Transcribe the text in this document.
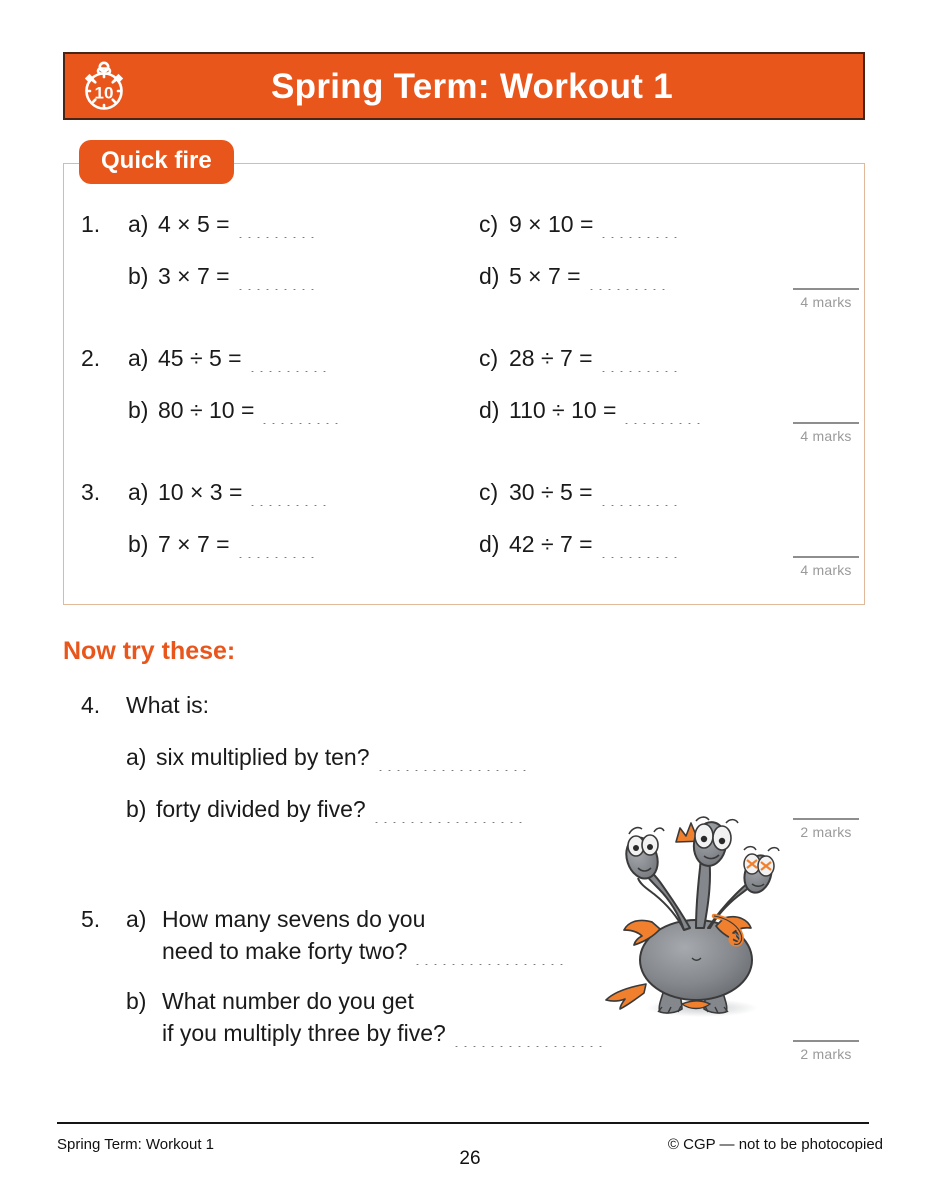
10	Spring Term: Workout 1
Quick fire
1. a) 4 × 5 =
b) 3 × 7 =
c) 9 × 10 =
d) 5 × 7 =
4 marks
2. a) 45 ÷ 5 =
b) 80 ÷ 10 =
c) 28 ÷ 7 =
d) 110 ÷ 10 =
4 marks
3. a) 10 × 3 =
b) 7 × 7 =
c) 30 ÷ 5 =
d) 42 ÷ 7 =
4 marks
Now try these:
4. What is:
a) six multiplied by ten?
b) forty divided by five?
2 marks
5. a) How many sevens do you
need to make forty two?
b) What number do you get
if you multiply three by five?
2 marks
Spring Term: Workout 1
26
© CGP — not to be photocopied
